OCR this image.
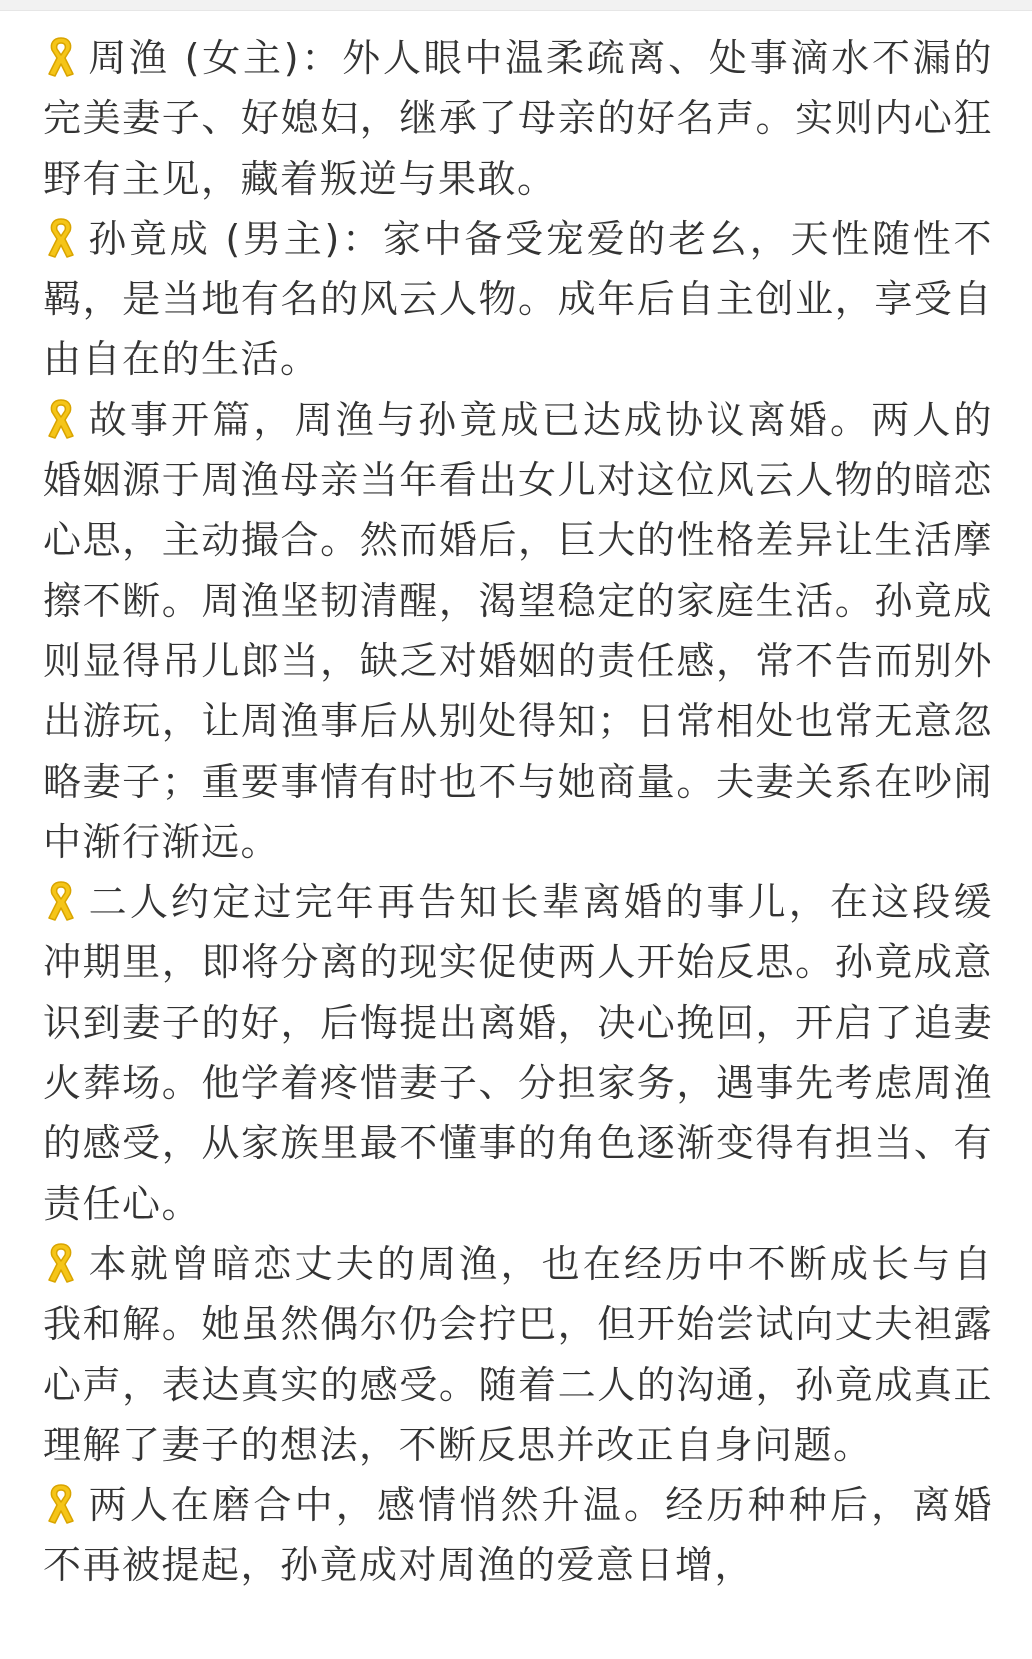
周渔 (女主)：外人眼中温柔疏离、处事滴水不漏的完美妻子、好媳妇，继承了母亲的好名声。实则内心狂野有主见，藏着叛逆与果敢。

孙竟成 (男主)：家中备受宠爱的老幺，天性随性不羁，是当地有名的风云人物。成年后自主创业，享受自由自在的生活。

故事开篇，周渔与孙竟成已达成协议离婚。两人的婚姻源于周渔母亲当年看出女儿对这位风云人物的暗恋心思，主动撮合。然而婚后，巨大的性格差异让生活摩擦不断。周渔坚韧清醒，渴望稳定的家庭生活。孙竟成则显得吊儿郎当，缺乏对婚姻的责任感，常不告而别外出游玩，让周渔事后从别处得知；日常相处也常无意忽略妻子；重要事情有时也不与她商量。夫妻关系在吵闹中渐行渐远。

二人约定过完年再告知长辈离婚的事儿，在这段缓冲期里，即将分离的现实促使两人开始反思。孙竟成意识到妻子的好，后悔提出离婚，决心挽回，开启了追妻火葬场。他学着疼惜妻子、分担家务，遇事先考虑周渔的感受，从家族里最不懂事的角色逐渐变得有担当、有责任心。

本就曾暗恋丈夫的周渔，也在经历中不断成长与自我和解。她虽然偶尔仍会拧巴，但开始尝试向丈夫袒露心声，表达真实的感受。随着二人的沟通，孙竟成真正理解了妻子的想法，不断反思并改正自身问题。

两人在磨合中，感情悄然升温。经历种种后，离婚不再被提起，孙竟成对周渔的爱意日增，
